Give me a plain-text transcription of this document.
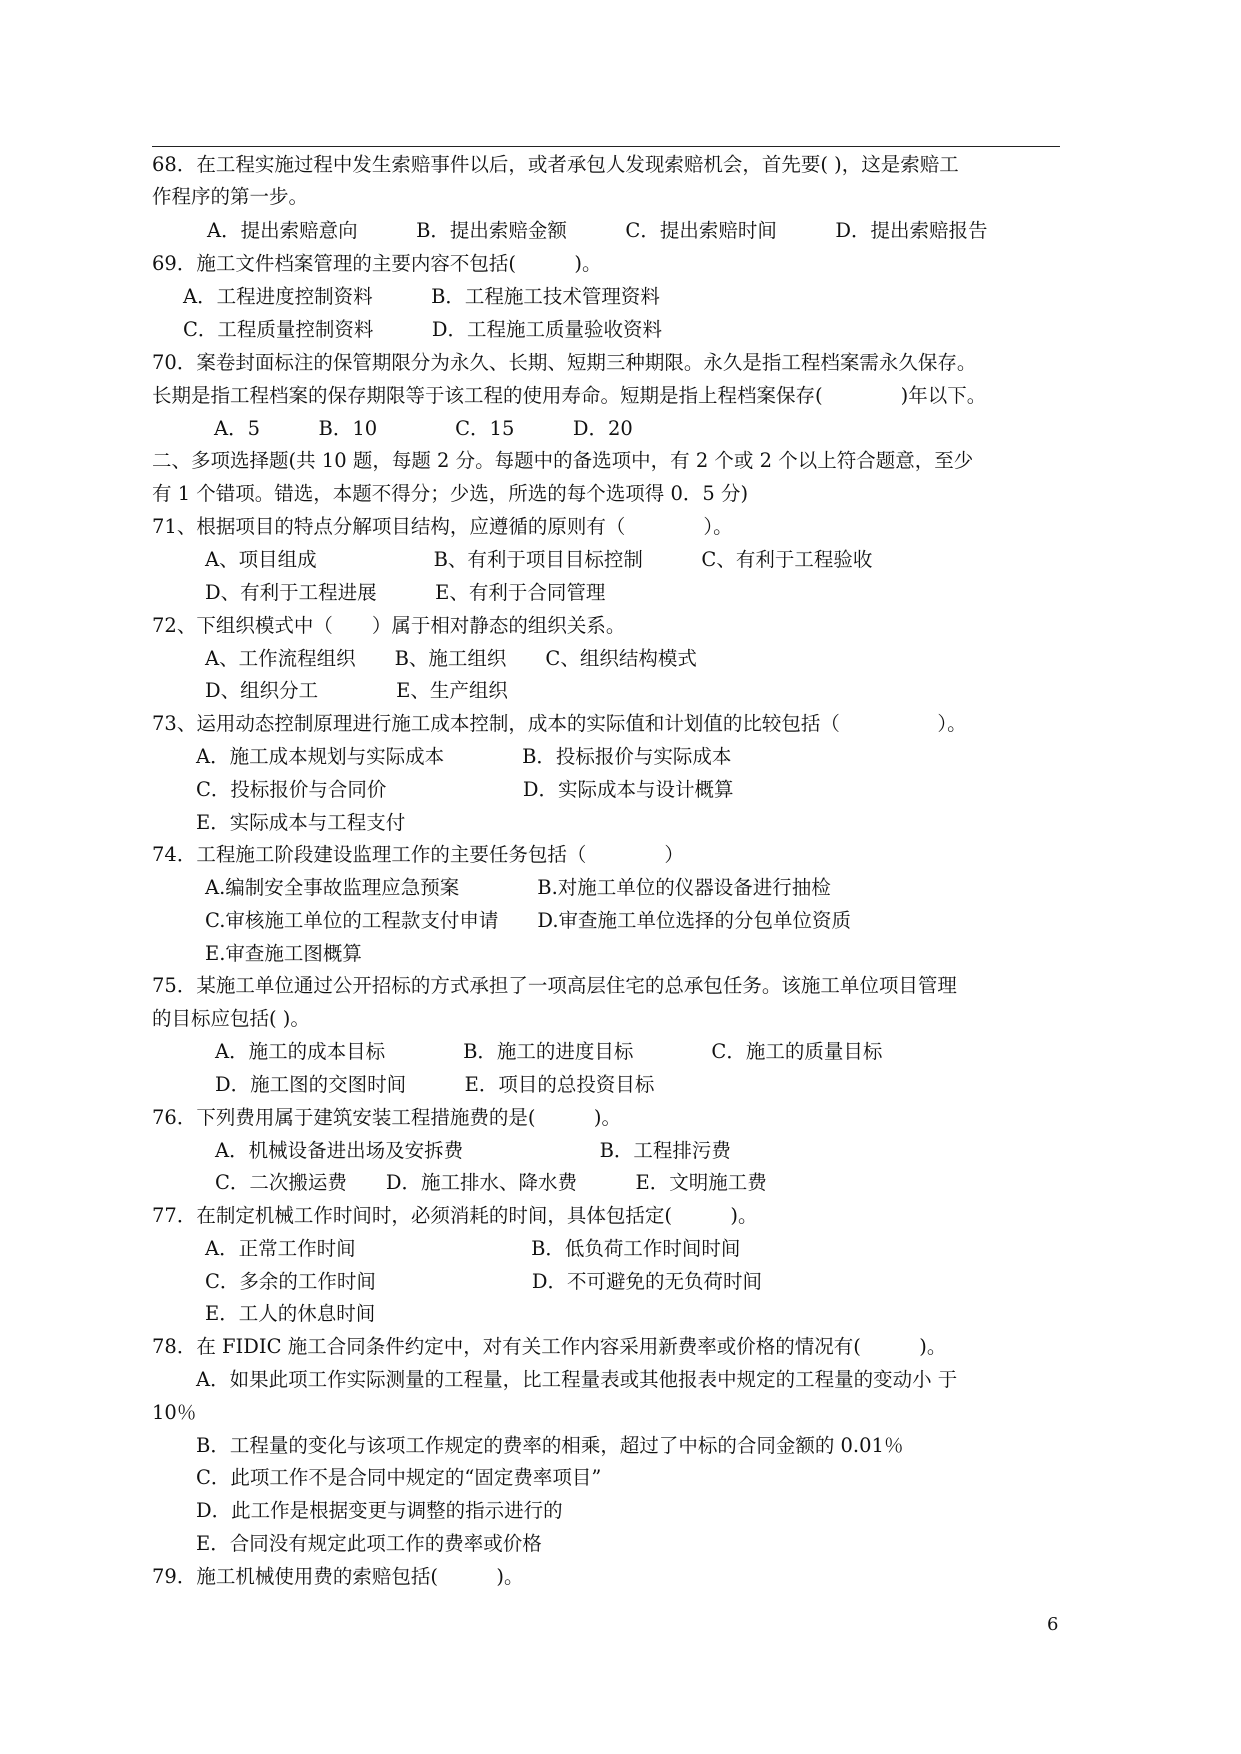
68．在工程实施过程中发生索赔事件以后，或者承包人发现索赔机会，首先要( )，这是索赔工
作程序的第一步。
A．提出索赔意向　　　B．提出索赔金额　　　C．提出索赔时间　　　D．提出索赔报告
69．施工文件档案管理的主要内容不包括(　　　)。
A．工程进度控制资料　　　B．工程施工技术管理资料
C．工程质量控制资料　　　D．工程施工质量验收资料
70．案卷封面标注的保管期限分为永久、长期、短期三种期限。永久是指工程档案需永久保存。
长期是指工程档案的保存期限等于该工程的使用寿命。短期是指上程档案保存(　　　　)年以下。
A．5　　　B．10　　　　C．15　　　D．20
二、多项选择题(共 10 题，每题 2 分。每题中的备选项中，有 2 个或 2 个以上符合题意，至少
有 1 个错项。错选，本题不得分；少选，所选的每个选项得 0．5 分)
71、根据项目的特点分解项目结构，应遵循的原则有（　　　　）。
A、项目组成　　　　　　B、有利于项目目标控制　　　C、有利于工程验收
D、有利于工程进展　　　E、有利于合同管理
72、下组织模式中（　　）属于相对静态的组织关系。
A、工作流程组织　　B、施工组织　　C、组织结构模式
D、组织分工　　　　E、生产组织
73、运用动态控制原理进行施工成本控制，成本的实际值和计划值的比较包括（　　　　　）。
A．施工成本规划与实际成本　　　　B．投标报价与实际成本
C．投标报价与合同价　　　　　　　D．实际成本与设计概算
E．实际成本与工程支付
74．工程施工阶段建设监理工作的主要任务包括（　　　　）
A.编制安全事故监理应急预案　　　　B.对施工单位的仪器设备进行抽检
C.审核施工单位的工程款支付申请　　D.审查施工单位选择的分包单位资质
E.审查施工图概算
75．某施工单位通过公开招标的方式承担了一项高层住宅的总承包任务。该施工单位项目管理
的目标应包括( )。
A．施工的成本目标　　　　B．施工的进度目标　　　　C．施工的质量目标
D．施工图的交图时间　　　E．项目的总投资目标
76．下列费用属于建筑安装工程措施费的是(　　　)。
A．机械设备进出场及安拆费　　　　　　　B．工程排污费
C．二次搬运费　　D．施工排水、降水费　　　E．文明施工费
77．在制定机械工作时间时，必须消耗的时间，具体包括定(　　　)。
A．正常工作时间　　　　　　　　　B．低负荷工作时间时间
C．多余的工作时间　　　　　　　　D．不可避免的无负荷时间
E．工人的休息时间
78．在 FIDIC 施工合同条件约定中，对有关工作内容采用新费率或价格的情况有(　　　)。
A．如果此项工作实际测量的工程量，比工程量表或其他报表中规定的工程量的变动小 于
10％
B．工程量的变化与该项工作规定的费率的相乘，超过了中标的合同金额的 0.01％
C．此项工作不是合同中规定的“固定费率项目”
D．此工作是根据变更与调整的指示进行的
E．合同没有规定此项工作的费率或价格
79．施工机械使用费的索赔包括(　　　)。
6
